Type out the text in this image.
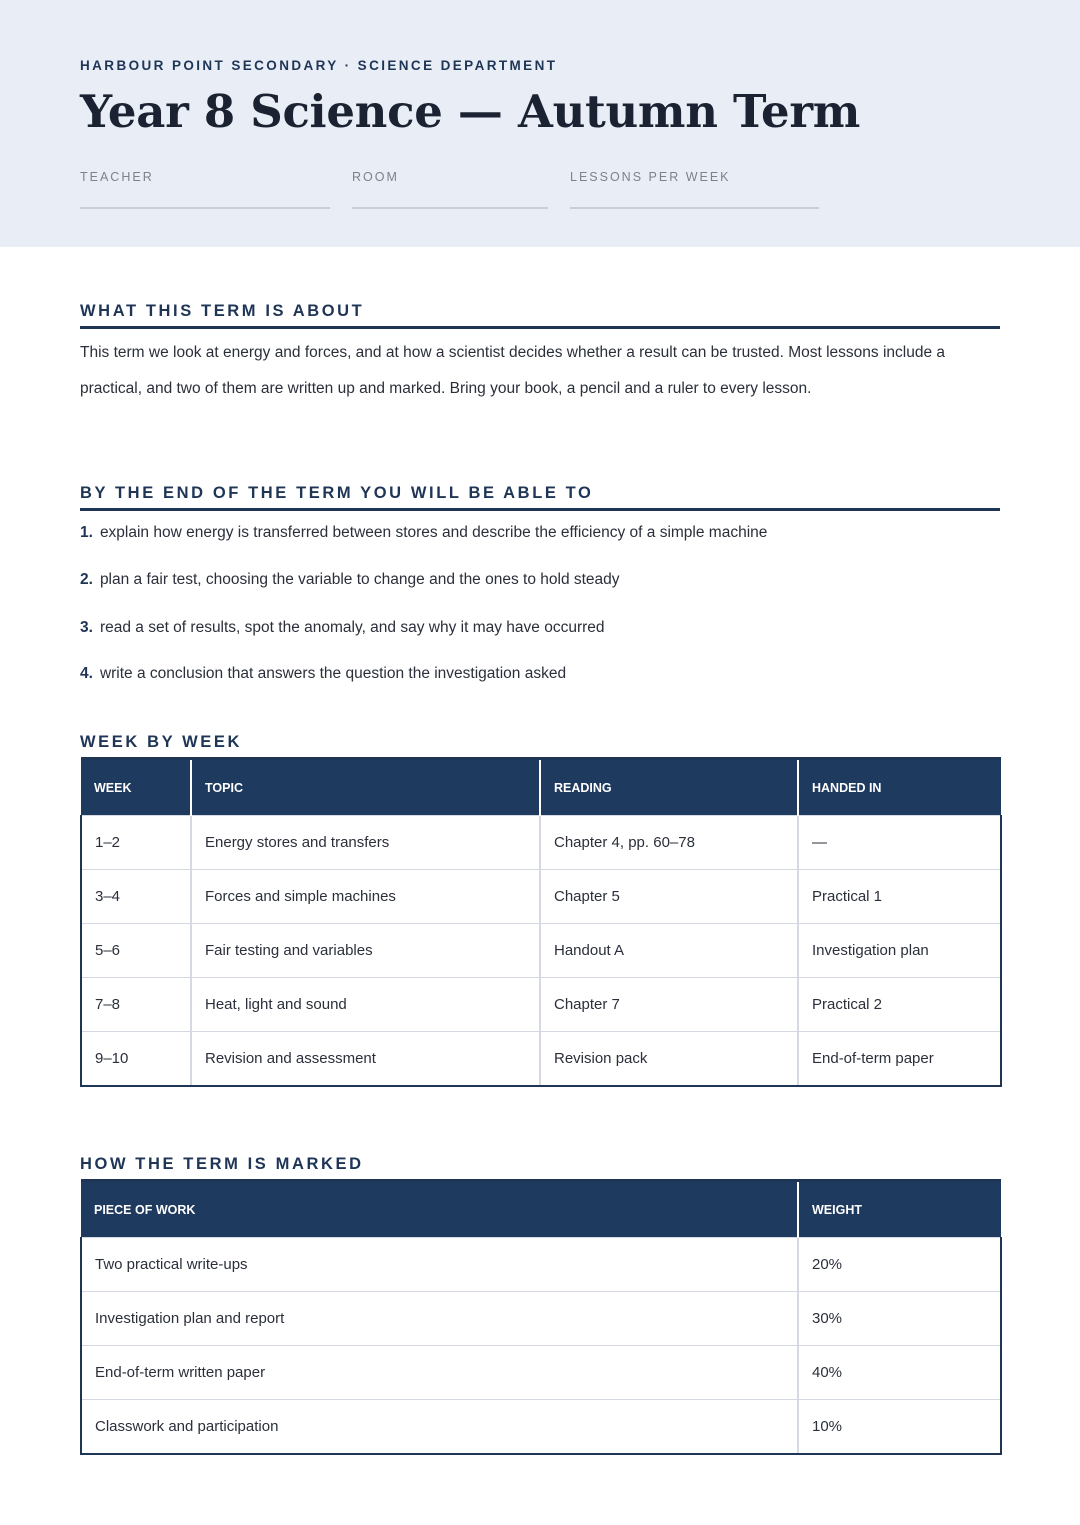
HARBOUR POINT SECONDARY · SCIENCE DEPARTMENT

Year 8 Science — Autumn Term
TEACHER	ROOM	LESSONS PER WEEK
WHAT THIS TERM IS ABOUT

This term we look at energy and forces, and at how a scientist decides whether a result can be trusted. Most lessons include a practical, and two of them are written up and marked. Bring your book, a pencil and a ruler to every lesson.

BY THE END OF THE TERM YOU WILL BE ABLE TO
1. explain how energy is transferred between stores and describe the efficiency of a simple machine
2. plan a fair test, choosing the variable to change and the ones to hold steady
3. read a set of results, spot the anomaly, and say why it may have occurred
4. write a conclusion that answers the question the investigation asked
WEEK BY WEEK
WEEK	TOPIC	READING	HANDED IN
1–2	Energy stores and transfers	Chapter 4, pp. 60–78	—
3–4	Forces and simple machines	Chapter 5	Practical 1
5–6	Fair testing and variables	Handout A	Investigation plan
7–8	Heat, light and sound	Chapter 7	Practical 2
9–10	Revision and assessment	Revision pack	End-of-term paper
HOW THE TERM IS MARKED
PIECE OF WORK	WEIGHT
Two practical write-ups	20%
Investigation plan and report	30%
End-of-term written paper	40%
Classwork and participation	10%
